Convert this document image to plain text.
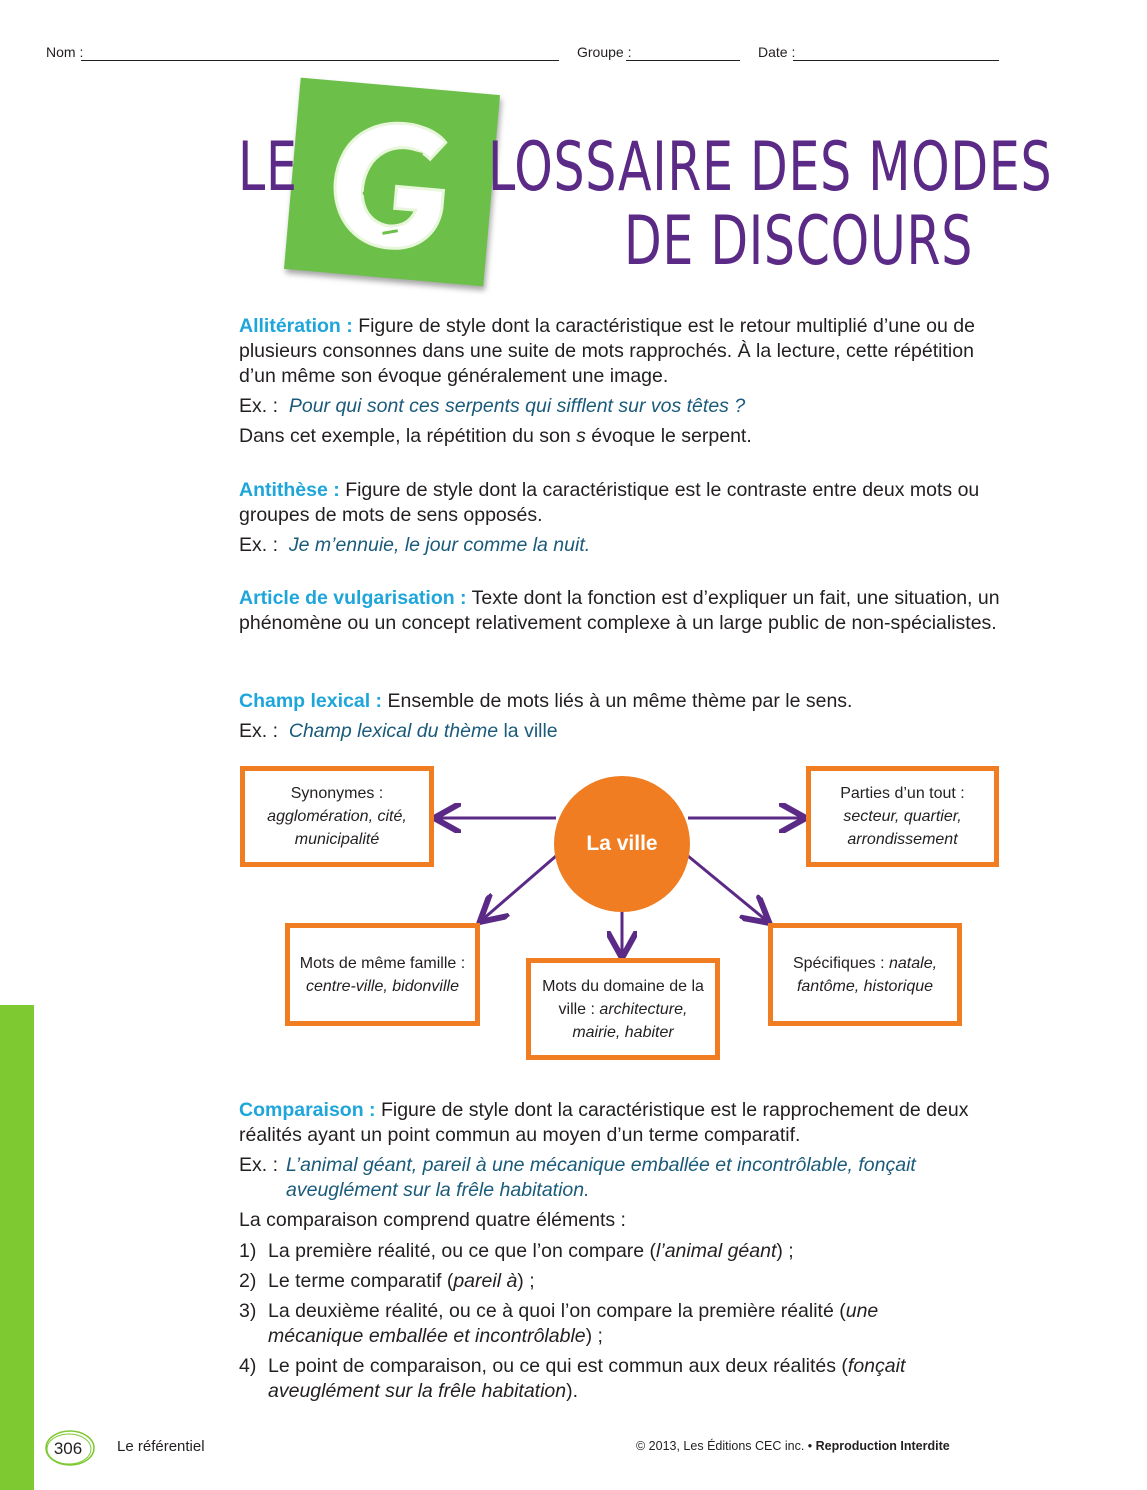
Nom :	Groupe :	Date :
LE	LOSSAIRE DES MODES
DE DISCOURS

Allitération : Figure de style dont la caractéristique est le retour multiplié d’une ou de plusieurs consonnes dans une suite de mots rapprochés. À la lecture, cette répétition d’un même son évoque généralement une image.

Ex. : Pour qui sont ces serpents qui sifflent sur vos têtes ?

Dans cet exemple, la répétition du son s évoque le serpent.

Antithèse : Figure de style dont la caractéristique est le contraste entre deux mots ou groupes de mots de sens opposés.

Ex. : Je m’ennuie, le jour comme la nuit.

Article de vulgarisation : Texte dont la fonction est d’expliquer un fait, une situation, un phénomène ou un concept relativement complexe à un large public de non-spécialistes.

Champ lexical : Ensemble de mots liés à un même thème par le sens.

Ex. : Champ lexical du thème la ville

La ville
Synonymes :
agglomération, cité, municipalité
Parties d’un tout : secteur, quartier, arrondissement
Mots de même famille :
centre-ville, bidonville	Mots du domaine de la ville : architecture, mairie, habiter
Spécifiques : natale, fantôme, historique

Comparaison : Figure de style dont la caractéristique est le rapprochement de deux réalités ayant un point commun au moyen d’un terme comparatif.

Ex. : L’animal géant, pareil à une mécanique emballée et incontrôlable, fonçait aveuglément sur la frêle habitation.

La comparaison comprend quatre éléments :

1) La première réalité, ou ce que l’on compare (l’animal géant) ;
2) Le terme comparatif (pareil à) ;
3) La deuxième réalité, ou ce à quoi l’on compare la première réalité (une mécanique emballée et incontrôlable) ;
4) Le point de comparaison, ou ce qui est commun aux deux réalités (fonçait aveuglément sur la frêle habitation).
306 Le référentiel	© 2013, Les Éditions CEC inc. • Reproduction Interdite
